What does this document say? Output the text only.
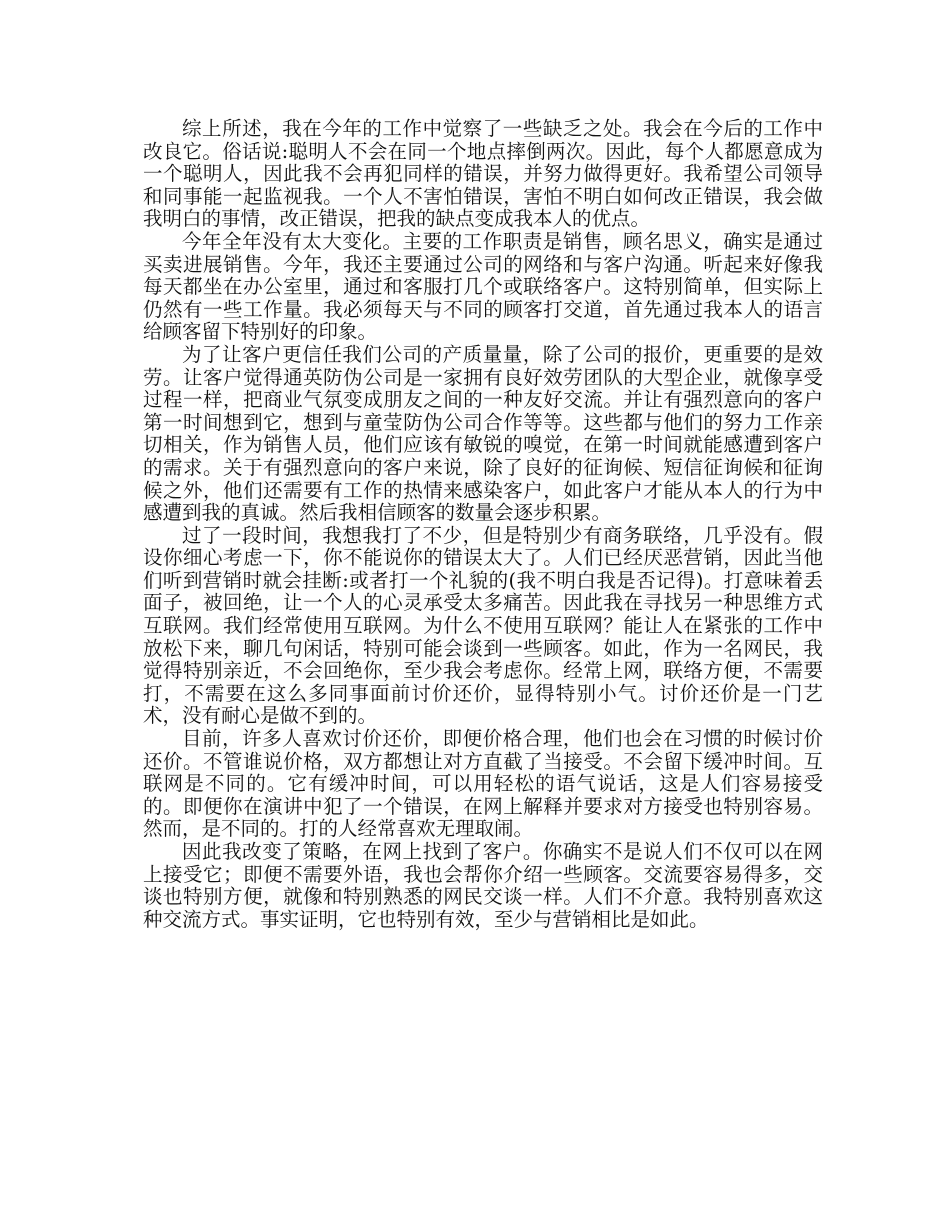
综上所述，我在今年的工作中觉察了一些缺乏之处。我会在今后的工作中改良它。俗话说:聪明人不会在同一个地点摔倒两次。因此，每个人都愿意成为一个聪明人，因此我不会再犯同样的错误，并努力做得更好。我希望公司领导和同事能一起监视我。一个人不害怕错误，害怕不明白如何改正错误，我会做我明白的事情，改正错误，把我的缺点变成我本人的优点。

今年全年没有太大变化。主要的工作职责是销售，顾名思义，确实是通过买卖进展销售。今年，我还主要通过公司的网络和与客户沟通。听起来好像我每天都坐在办公室里，通过和客服打几个或联络客户。这特别简单，但实际上仍然有一些工作量。我必须每天与不同的顾客打交道，首先通过我本人的语言给顾客留下特别好的印象。

为了让客户更信任我们公司的产质量量，除了公司的报价，更重要的是效劳。让客户觉得通英防伪公司是一家拥有良好效劳团队的大型企业，就像享受过程一样，把商业气氛变成朋友之间的一种友好交流。并让有强烈意向的客户第一时间想到它，想到与童莹防伪公司合作等等。这些都与他们的努力工作亲切相关，作为销售人员，他们应该有敏锐的嗅觉，在第一时间就能感遭到客户的需求。关于有强烈意向的客户来说，除了良好的征询候、短信征询候和征询候之外，他们还需要有工作的热情来感染客户，如此客户才能从本人的行为中感遭到我的真诚。然后我相信顾客的数量会逐步积累。

过了一段时间，我想我打了不少，但是特别少有商务联络，几乎没有。假设你细心考虑一下，你不能说你的错误太大了。人们已经厌恶营销，因此当他们听到营销时就会挂断:或者打一个礼貌的(我不明白我是否记得)。打意味着丢面子，被回绝，让一个人的心灵承受太多痛苦。因此我在寻找另一种思维方式互联网。我们经常使用互联网。为什么不使用互联网？能让人在紧张的工作中放松下来，聊几句闲话，特别可能会谈到一些顾客。如此，作为一名网民，我觉得特别亲近，不会回绝你，至少我会考虑你。经常上网，联络方便，不需要打，不需要在这么多同事面前讨价还价，显得特别小气。讨价还价是一门艺术，没有耐心是做不到的。

目前，许多人喜欢讨价还价，即便价格合理，他们也会在习惯的时候讨价还价。不管谁说价格，双方都想让对方直截了当接受。不会留下缓冲时间。互联网是不同的。它有缓冲时间，可以用轻松的语气说话，这是人们容易接受的。即便你在演讲中犯了一个错误，在网上解释并要求对方接受也特别容易。然而，是不同的。打的人经常喜欢无理取闹。

因此我改变了策略，在网上找到了客户。你确实不是说人们不仅可以在网上接受它；即便不需要外语，我也会帮你介绍一些顾客。交流要容易得多，交谈也特别方便，就像和特别熟悉的网民交谈一样。人们不介意。我特别喜欢这种交流方式。事实证明，它也特别有效，至少与营销相比是如此。
